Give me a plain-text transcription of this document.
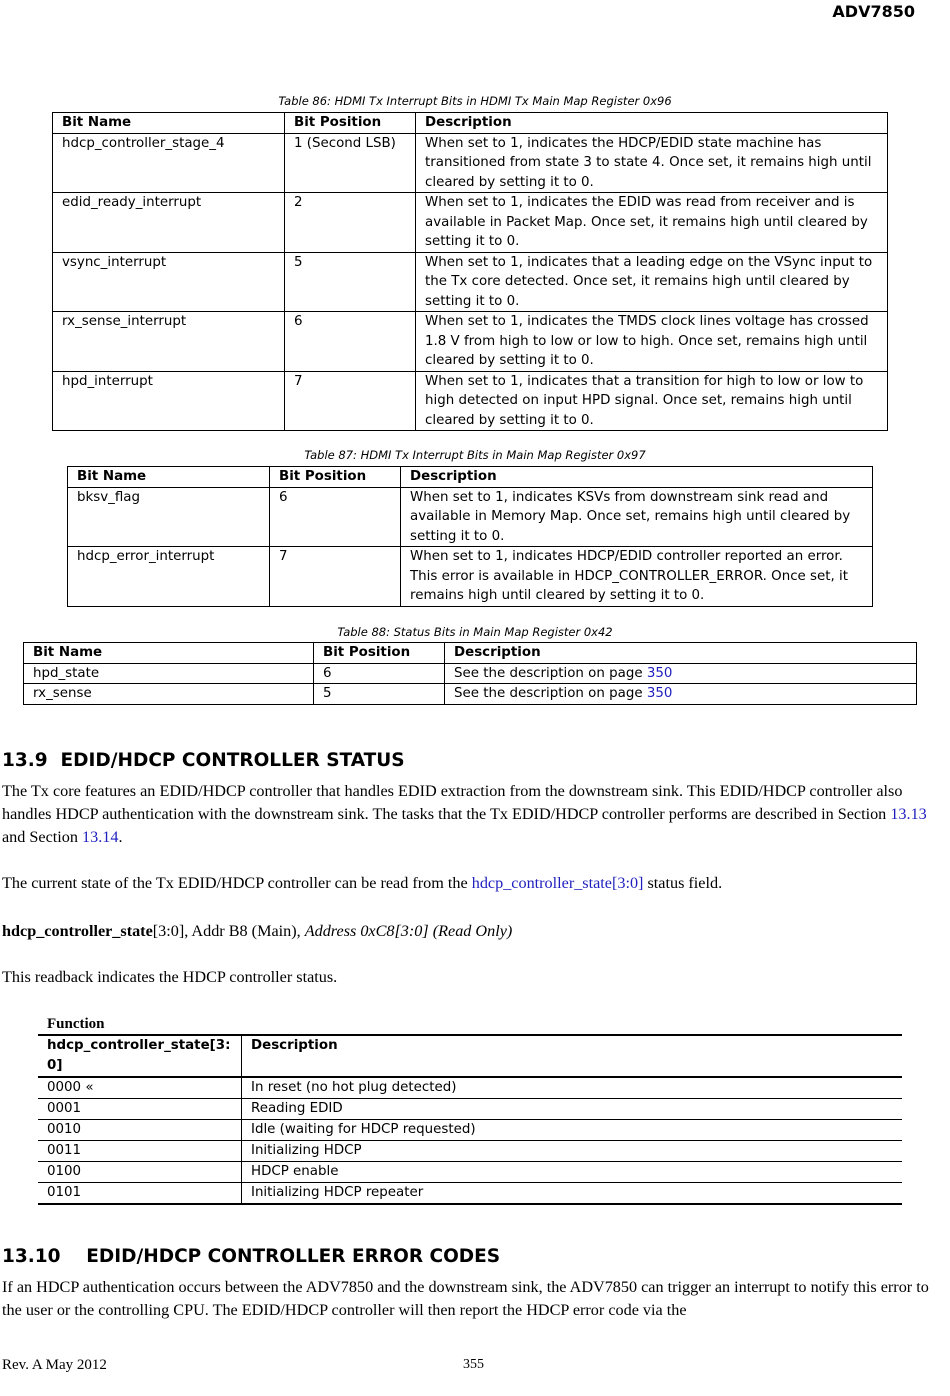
ADV7850
Table 86: HDMI Tx Interrupt Bits in HDMI Tx Main Map Register 0x96
Bit Name	Bit Position	Description
hdcp_controller_stage_4	1 (Second LSB)	When set to 1, indicates the HDCP/EDID state machine has transitioned from state 3 to state 4. Once set, it remains high until cleared by setting it to 0.
edid_ready_interrupt	2	When set to 1, indicates the EDID was read from receiver and is available in Packet Map. Once set, it remains high until cleared by setting it to 0.
vsync_interrupt	5	When set to 1, indicates that a leading edge on the VSync input to the Tx core detected. Once set, it remains high until cleared by setting it to 0.
rx_sense_interrupt	6	When set to 1, indicates the TMDS clock lines voltage has crossed 1.8 V from high to low or low to high. Once set, remains high until cleared by setting it to 0.
hpd_interrupt	7	When set to 1, indicates that a transition for high to low or low to high detected on input HPD signal. Once set, remains high until cleared by setting it to 0.
Table 87: HDMI Tx Interrupt Bits in Main Map Register 0x97
Bit Name	Bit Position	Description
bksv_flag	6	When set to 1, indicates KSVs from downstream sink read and available in Memory Map. Once set, remains high until cleared by setting it to 0.
hdcp_error_interrupt	7	When set to 1, indicates HDCP/EDID controller reported an error. This error is available in HDCP_CONTROLLER_ERROR. Once set, it remains high until cleared by setting it to 0.
Table 88: Status Bits in Main Map Register 0x42
Bit Name	Bit Position	Description
hpd_state	6	See the description on page 350
rx_sense	5	See the description on page 350
13.9  EDID/HDCP CONTROLLER STATUS
The Tx core features an EDID/HDCP controller that handles EDID extraction from the downstream sink. This EDID/HDCP controller also handles HDCP authentication with the downstream sink. The tasks that the Tx EDID/HDCP controller performs are described in Section 13.13 and Section 13.14.
The current state of the Tx EDID/HDCP controller can be read from the hdcp_controller_state[3:0] status field.
hdcp_controller_state[3:0], Addr B8 (Main), Address 0xC8[3:0] (Read Only)
This readback indicates the HDCP controller status.
Function	
hdcp_controller_state[3:0]	Description
0000 «	In reset (no hot plug detected)
0001	Reading EDID
0010	Idle (waiting for HDCP requested)
0011	Initializing HDCP
0100	HDCP enable
0101	Initializing HDCP repeater
13.10    EDID/HDCP CONTROLLER ERROR CODES
If an HDCP authentication occurs between the ADV7850 and the downstream sink, the ADV7850 can trigger an interrupt to notify this error to the user or the controlling CPU. The EDID/HDCP controller will then report the HDCP error code via the
Rev. A May 2012	355
